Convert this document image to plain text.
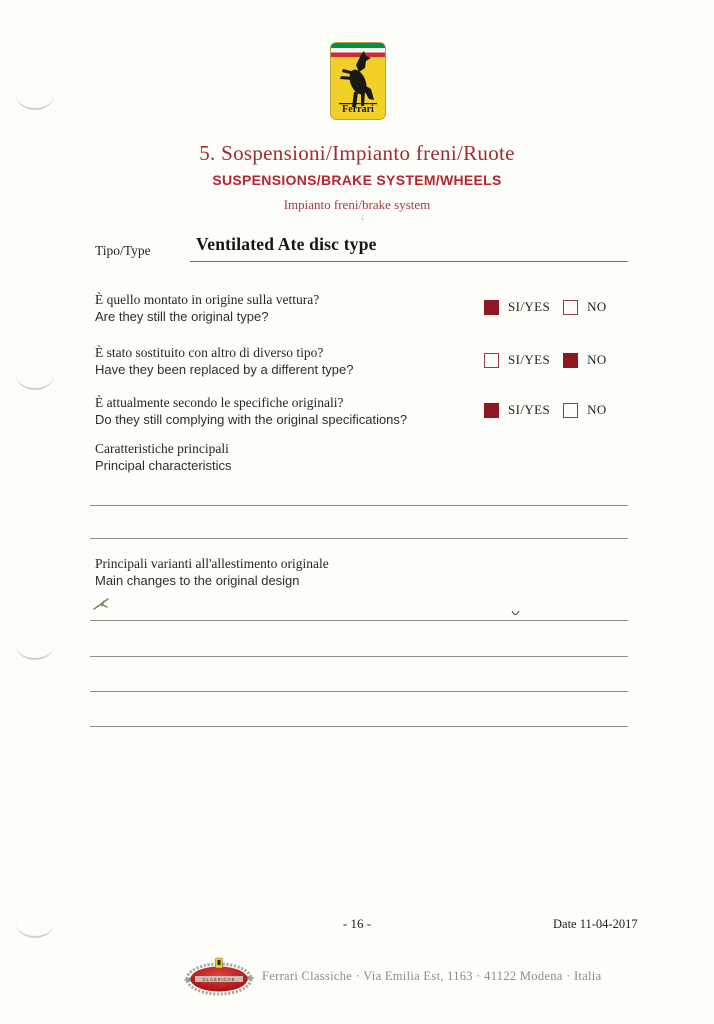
Ferrari
5. Sospensioni/Impianto freni/Ruote
SUSPENSIONS/BRAKE SYSTEM/WHEELS
Impianto freni/brake system
↓
Tipo/Type	Ventilated Ate disc type
È quello montato in origine sulla vettura?
Are they still the original type?
SI/YES	NO
È stato sostituito con altro di diverso tipo?
Have they been replaced by a different type?
SI/YES	NO
È attualmente secondo le specifiche originali?
Do they still complying with the original specifications?
SI/YES	NO
Caratteristiche principali
Principal characteristics
Principali varianti all'allestimento originale
Main changes to the original design
- 16 -	Date 11-04-2017
CLASSICHE Ferrari Classiche · Via Emilia Est, 1163 · 41122 Modena · Italia
